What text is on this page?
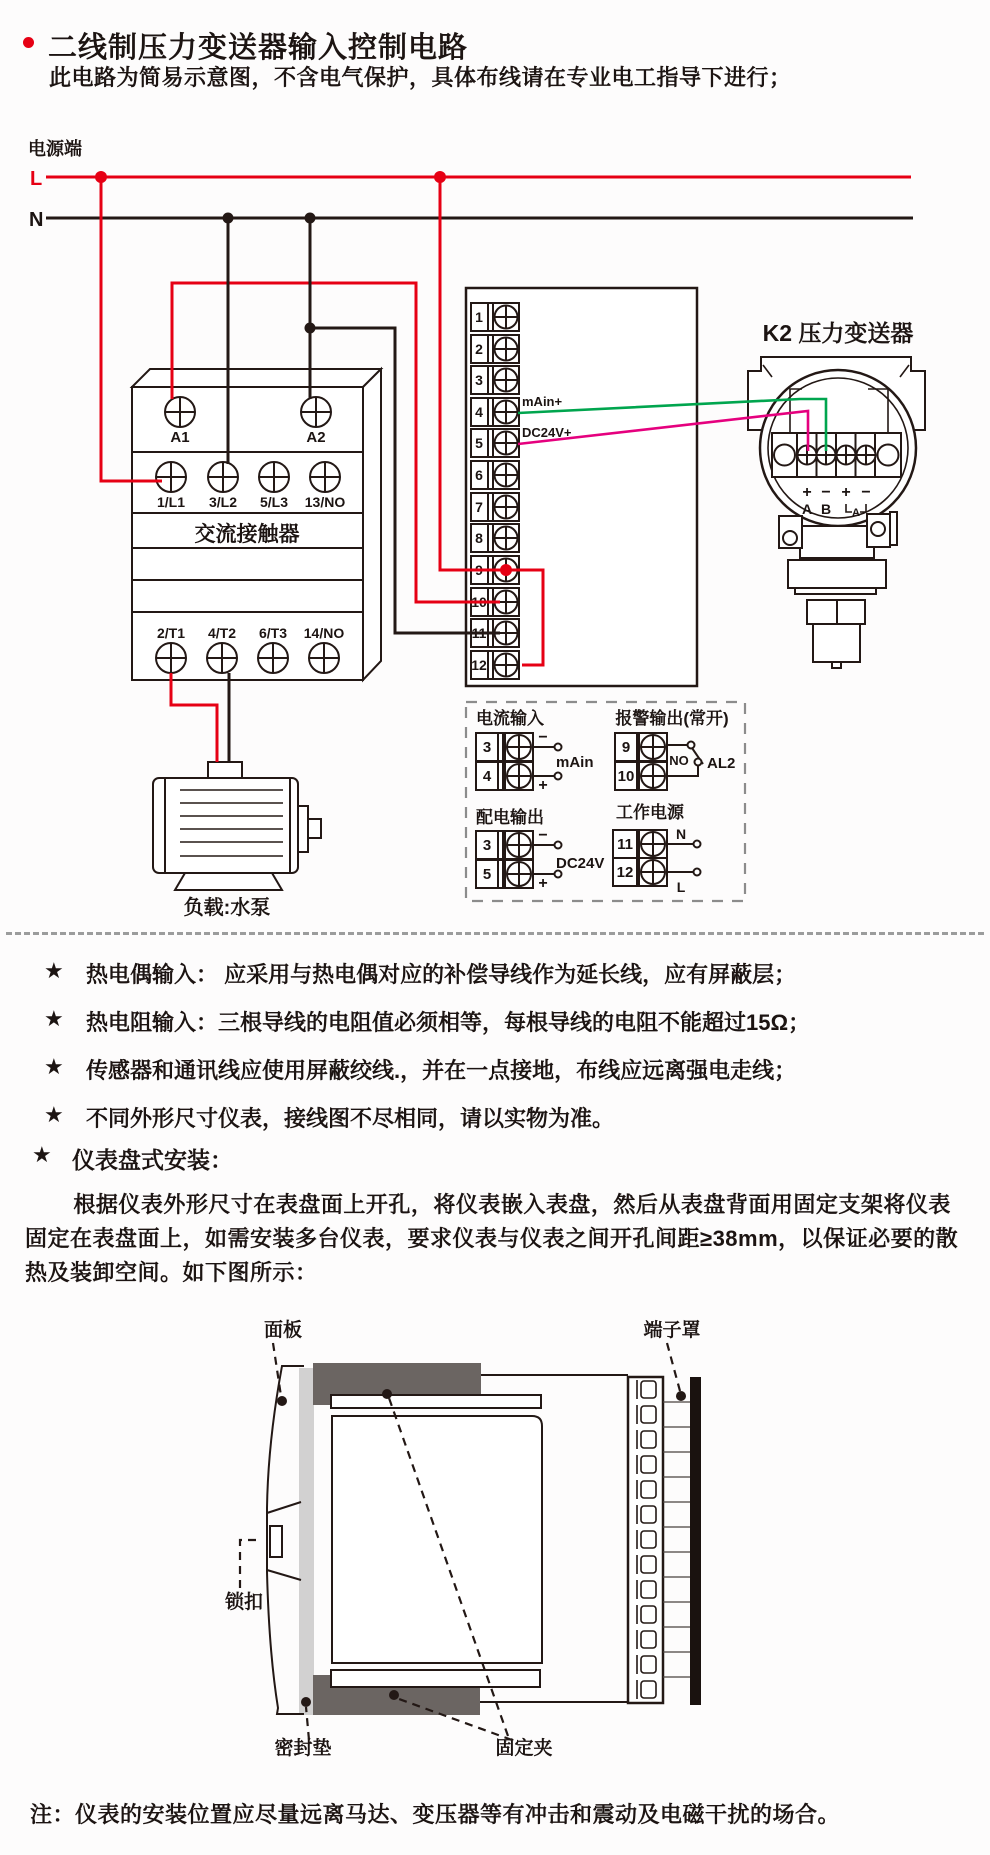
二线制压力变送器输入控制电路
此电路为简易示意图，不含电气保护，具体布线请在专业电工指导下进行；
电源端
L
N
A1	A2
1/L1 3/L2 5/L3 13/NO
交流接触器
2/T1 4/T2 6/T3 14/NO
负载:水泵
1
2
3
4
5
6
7
8
9
10
11
12
mAin+
DC24V+
K2 压力变送器
+ − + −
A B A
电流输入
3
4
−
+
mAin
报警输出(常开)
9
10
NO AL2
配电输出
3
5
−
+
DC24V
工作电源
11
12
N
L
★ 热电偶输入： 应采用与热电偶对应的补偿导线作为延长线，应有屏蔽层；
★ 热电阻输入：三根导线的电阻值必须相等，每根导线的电阻不能超过15Ω；
★ 传感器和通讯线应使用屏蔽绞线.，并在一点接地，布线应远离强电走线；
★ 不同外形尺寸仪表，接线图不尽相同，请以实物为准。
★ 仪表盘式安装：
根据仪表外形尺寸在表盘面上开孔，将仪表嵌入表盘，然后从表盘背面用固定支架将仪表固定在表盘面上，如需安装多台仪表，要求仪表与仪表之间开孔间距≥38mm，以保证必要的散热及装卸空间。如下图所示：
面板	端子罩
锁扣
密封垫	固定夹
注：仪表的安装位置应尽量远离马达、变压器等有冲击和震动及电磁干扰的场合。
